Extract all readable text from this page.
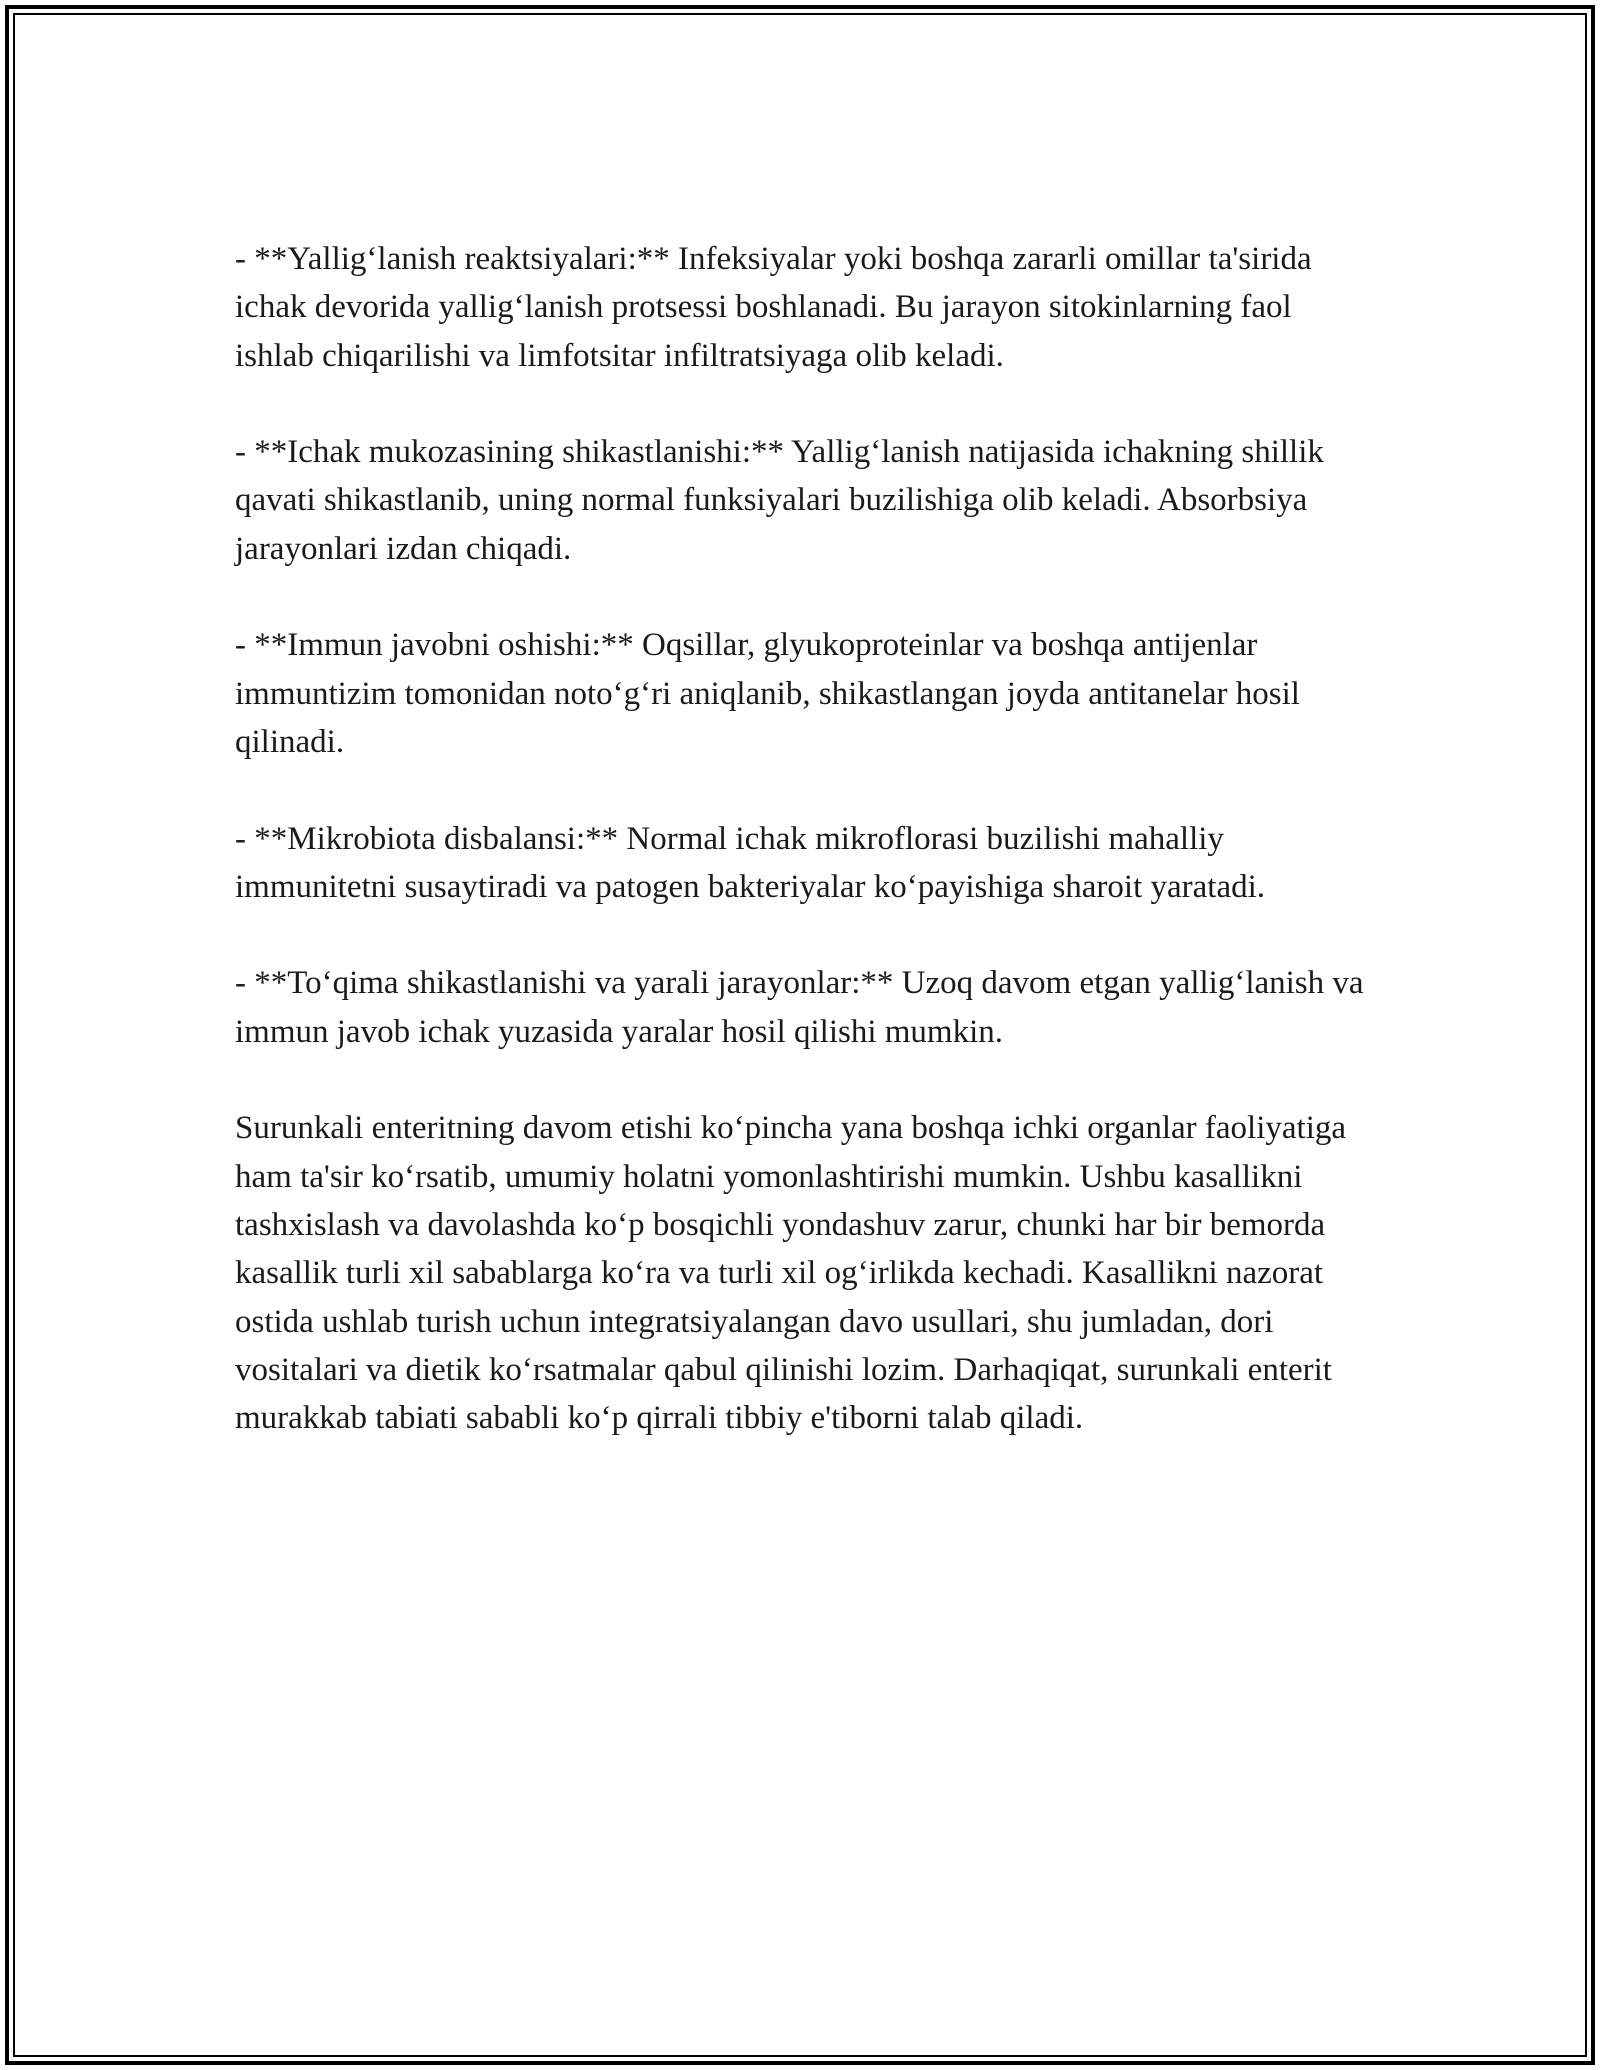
- **Yallig‘lanish reaktsiyalari:** Infeksiyalar yoki boshqa zararli omillar ta'sirida ichak devorida yallig‘lanish protsessi boshlanadi. Bu jarayon sitokinlarning faol ishlab chiqarilishi va limfotsitar infiltratsiyaga olib keladi.

- **Ichak mukozasining shikastlanishi:** Yallig‘lanish natijasida ichakning shillik qavati shikastlanib, uning normal funksiyalari buzilishiga olib keladi. Absorbsiya jarayonlari izdan chiqadi.

- **Immun javobni oshishi:** Oqsillar, glyukoproteinlar va boshqa antijenlar immuntizim tomonidan noto‘g‘ri aniqlanib, shikastlangan joyda antitanelar hosil qilinadi.

- **Mikrobiota disbalansi:** Normal ichak mikroflorasi buzilishi mahalliy immunitetni susaytiradi va patogen bakteriyalar ko‘payishiga sharoit yaratadi.

- **To‘qima shikastlanishi va yarali jarayonlar:** Uzoq davom etgan yallig‘lanish va immun javob ichak yuzasida yaralar hosil qilishi mumkin.

Surunkali enteritning davom etishi ko‘pincha yana boshqa ichki organlar faoliyatiga ham ta'sir ko‘rsatib, umumiy holatni yomonlashtirishi mumkin. Ushbu kasallikni tashxislash va davolashda ko‘p bosqichli yondashuv zarur, chunki har bir bemorda kasallik turli xil sabablarga ko‘ra va turli xil og‘irlikda kechadi. Kasallikni nazorat ostida ushlab turish uchun integratsiyalangan davo usullari, shu jumladan, dori vositalari va dietik ko‘rsatmalar qabul qilinishi lozim. Darhaqiqat, surunkali enterit murakkab tabiati sababli ko‘p qirrali tibbiy e'tiborni talab qiladi.
